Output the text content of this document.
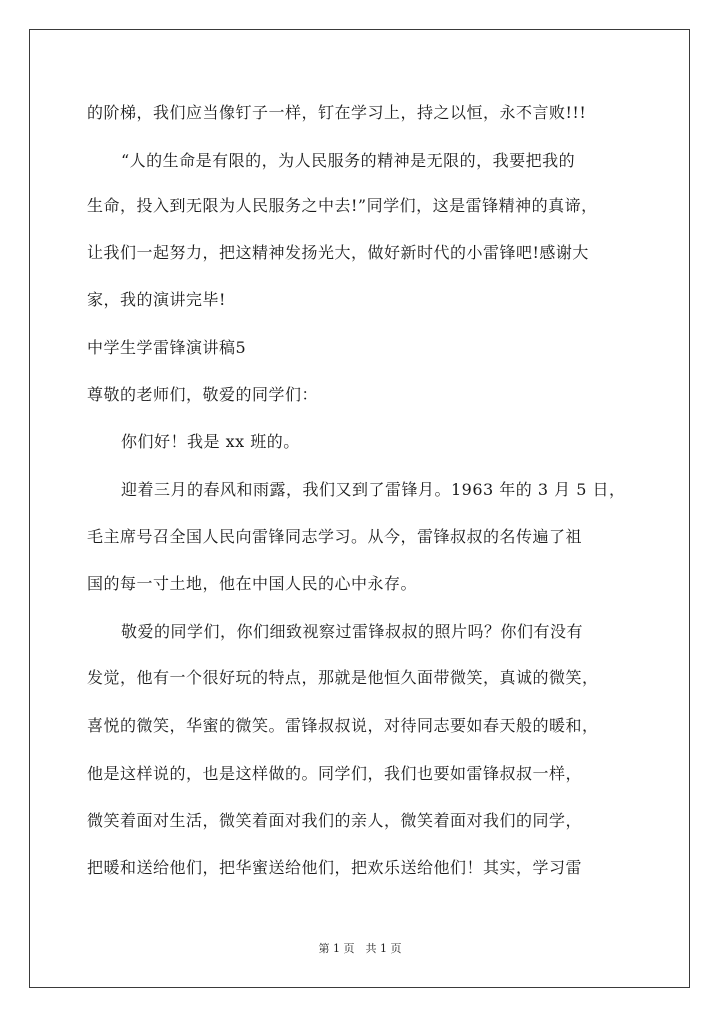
的阶梯，我们应当像钉子一样，钉在学习上，持之以恒，永不言败!!!
“人的生命是有限的，为人民服务的精神是无限的，我要把我的
生命，投入到无限为人民服务之中去!”同学们，这是雷锋精神的真谛，
让我们一起努力，把这精神发扬光大，做好新时代的小雷锋吧!感谢大
家，我的演讲完毕!
中学生学雷锋演讲稿5
尊敬的老师们，敬爱的同学们：
你们好！我是 xx 班的。
迎着三月的春风和雨露，我们又到了雷锋月。1963 年的 3 月 5 日，
毛主席号召全国人民向雷锋同志学习。从今，雷锋叔叔的名传遍了祖
国的每一寸土地，他在中国人民的心中永存。
敬爱的同学们，你们细致视察过雷锋叔叔的照片吗？你们有没有
发觉，他有一个很好玩的特点，那就是他恒久面带微笑，真诚的微笑，
喜悦的微笑，华蜜的微笑。雷锋叔叔说，对待同志要如春天般的暖和，
他是这样说的，也是这样做的。同学们，我们也要如雷锋叔叔一样，
微笑着面对生活，微笑着面对我们的亲人，微笑着面对我们的同学，
把暖和送给他们，把华蜜送给他们，把欢乐送给他们！其实，学习雷
第 1 页　共 1 页
